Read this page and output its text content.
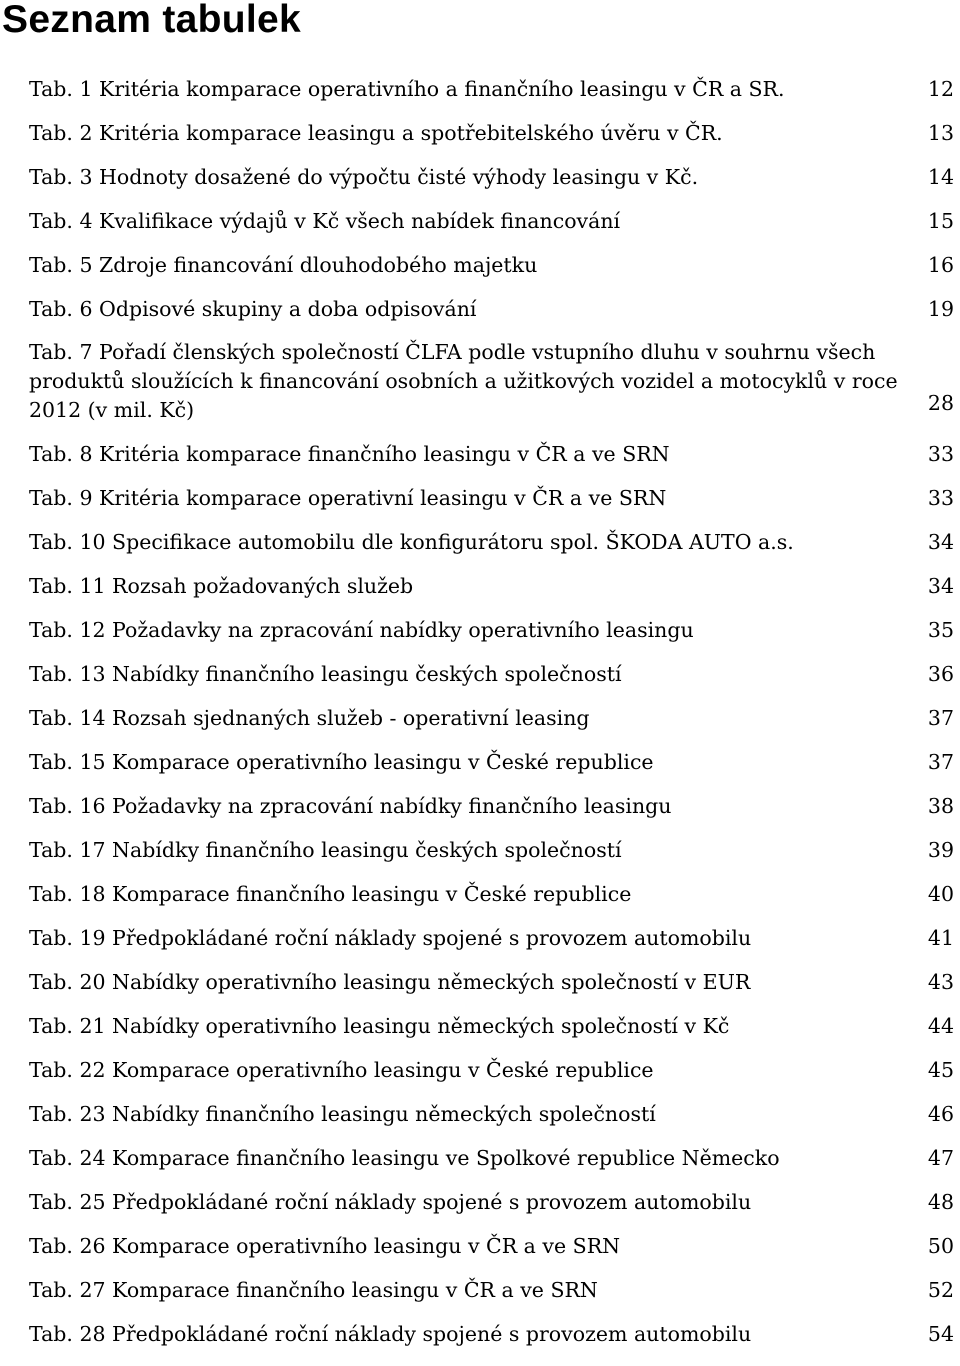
Seznam tabulek
Tab. 1 Kritéria komparace operativního a finančního leasingu v ČR a SR.	12
Tab. 2 Kritéria komparace leasingu a spotřebitelského úvěru v ČR.	13
Tab. 3 Hodnoty dosažené do výpočtu čisté výhody leasingu v Kč.	14
Tab. 4 Kvalifikace výdajů v Kč všech nabídek financování	15
Tab. 5 Zdroje financování dlouhodobého majetku	16
Tab. 6 Odpisové skupiny a doba odpisování	19
Tab. 7 Pořadí členských společností ČLFA podle vstupního dluhu v souhrnu všech produktů sloužících k financování osobních a užitkových vozidel a motocyklů v roce 2012 (v mil. Kč)	28
Tab. 8 Kritéria komparace finančního leasingu v ČR a ve SRN	33
Tab. 9 Kritéria komparace operativní leasingu v ČR a ve SRN	33
Tab. 10 Specifikace automobilu dle konfigurátoru spol. ŠKODA AUTO a.s.	34
Tab. 11 Rozsah požadovaných služeb	34
Tab. 12 Požadavky na zpracování nabídky operativního leasingu	35
Tab. 13 Nabídky finančního leasingu českých společností	36
Tab. 14 Rozsah sjednaných služeb - operativní leasing	37
Tab. 15 Komparace operativního leasingu v České republice	37
Tab. 16 Požadavky na zpracování nabídky finančního leasingu	38
Tab. 17 Nabídky finančního leasingu českých společností	39
Tab. 18 Komparace finančního leasingu v České republice	40
Tab. 19 Předpokládané roční náklady spojené s provozem automobilu	41
Tab. 20 Nabídky operativního leasingu německých společností v EUR	43
Tab. 21 Nabídky operativního leasingu německých společností v Kč	44
Tab. 22 Komparace operativního leasingu v České republice	45
Tab. 23 Nabídky finančního leasingu německých společností	46
Tab. 24 Komparace finančního leasingu ve Spolkové republice Německo	47
Tab. 25 Předpokládané roční náklady spojené s provozem automobilu	48
Tab. 26 Komparace operativního leasingu v ČR a ve SRN	50
Tab. 27 Komparace finančního leasingu v ČR a ve SRN	52
Tab. 28 Předpokládané roční náklady spojené s provozem automobilu	54
